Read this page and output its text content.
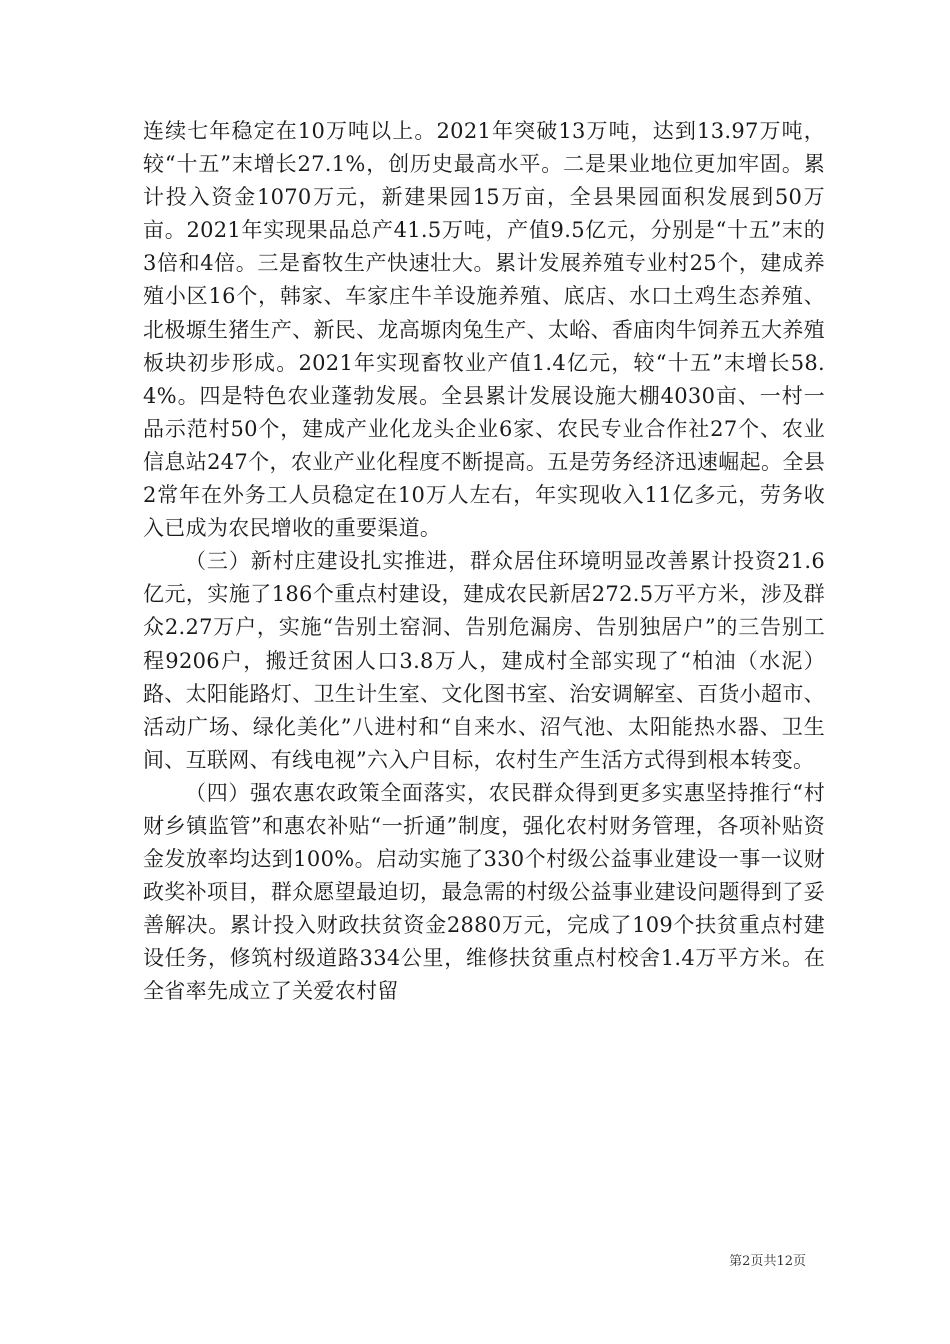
连续七年稳定在10万吨以上。2021年突破13万吨，达到13.97万吨，较“十五”末增长27.1%，创历史最高水平。二是果业地位更加牢固。累计投入资金1070万元，新建果园15万亩，全县果园面积发展到50万亩。2021年实现果品总产41.5万吨，产值9.5亿元，分别是“十五”末的3倍和4倍。三是畜牧生产快速壮大。累计发展养殖专业村25个，建成养殖小区16个，韩家、车家庄牛羊设施养殖、底店、水口土鸡生态养殖、北极塬生猪生产、新民、龙高塬肉兔生产、太峪、香庙肉牛饲养五大养殖板块初步形成。2021年实现畜牧业产值1.4亿元，较“十五”末增长58.4%。四是特色农业蓬勃发展。全县累计发展设施大棚4030亩、一村一品示范村50个，建成产业化龙头企业6家、农民专业合作社27个、农业信息站247个，农业产业化程度不断提高。五是劳务经济迅速崛起。全县2常年在外务工人员稳定在10万人左右，年实现收入11亿多元，劳务收入已成为农民增收的重要渠道。

（三）新村庄建设扎实推进，群众居住环境明显改善累计投资21.6亿元，实施了186个重点村建设，建成农民新居272.5万平方米，涉及群众2.27万户，实施“告别土窑洞、告别危漏房、告别独居户”的三告别工程9206户，搬迁贫困人口3.8万人，建成村全部实现了“柏油（水泥）路、太阳能路灯、卫生计生室、文化图书室、治安调解室、百货小超市、活动广场、绿化美化”八进村和“自来水、沼气池、太阳能热水器、卫生间、互联网、有线电视”六入户目标，农村生产生活方式得到根本转变。

（四）强农惠农政策全面落实，农民群众得到更多实惠坚持推行“村财乡镇监管”和惠农补贴“一折通”制度，强化农村财务管理，各项补贴资金发放率均达到100%。启动实施了330个村级公益事业建设一事一议财政奖补项目，群众愿望最迫切，最急需的村级公益事业建设问题得到了妥善解决。累计投入财政扶贫资金2880万元，完成了109个扶贫重点村建设任务，修筑村级道路334公里，维修扶贫重点村校舍1.4万平方米。在全省率先成立了关爱农村留

第2页共12页
